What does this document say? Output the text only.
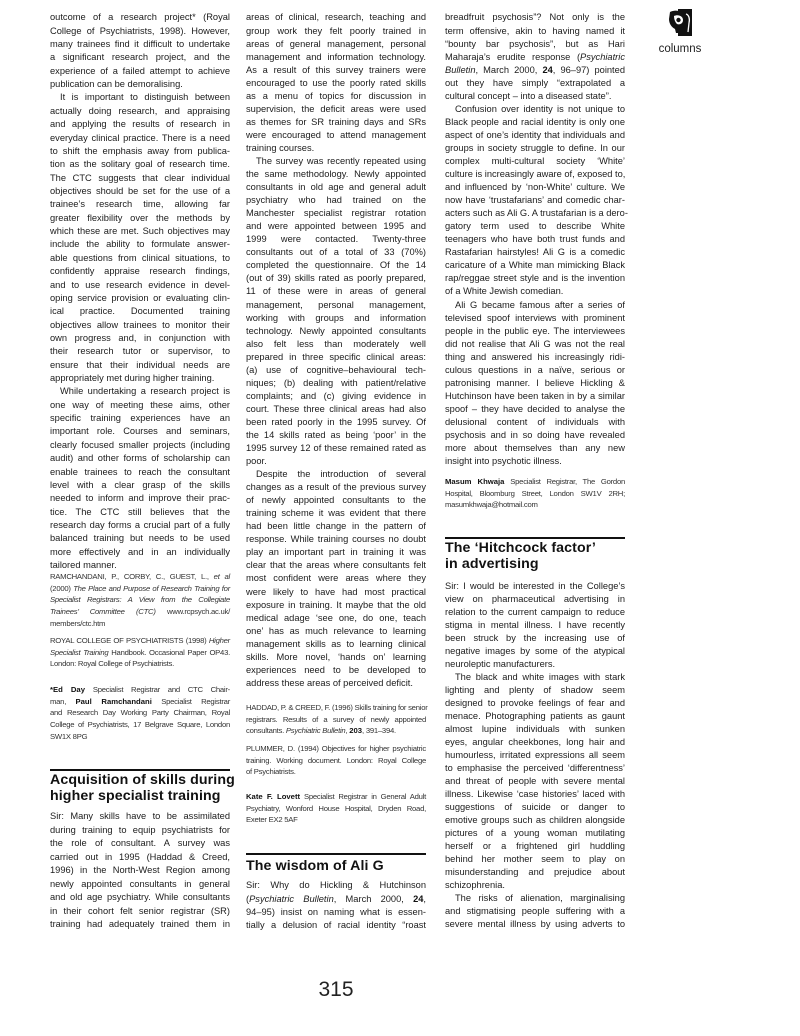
columns
outcome of a research project* (Royal
College of Psychiatrists, 1998). However,
many trainees find it difficult to undertake
a significant research project, and the
experience of a failed attempt to achieve
publication can be demoralising.
It is important to distinguish between
actually doing research, and appraising
and applying the results of research in
everyday clinical practice. There is a need
to shift the emphasis away from publica-
tion as the solitary goal of research time.
The CTC suggests that clear individual
objectives should be set for the use of a
trainee’s research time, allowing far
greater flexibility over the methods by
which these are met. Such objectives may
include the ability to formulate answer-
able questions from clinical situations, to
confidently appraise research findings,
and to use research evidence in devel-
oping service provision or evaluating clin-
ical practice. Documented training
objectives allow trainees to monitor their
own progress and, in conjunction with
their research tutor or supervisor, to
ensure that their individual needs are
appropriately met during higher training.
While undertaking a research project is
one way of meeting these aims, other
specific training experiences have an
important role. Courses and seminars,
clearly focused smaller projects (including
audit) and other forms of scholarship can
enable trainees to reach the consultant
level with a clear grasp of the skills
needed to inform and improve their prac-
tice. The CTC still believes that the
research day forms a crucial part of a fully
balanced training but needs to be used
more effectively and in an individually
tailored manner.
RAMCHANDANI, P., CORBY, C., GUEST, L., et al
(2000) The Place and Purpose of Research Training for
Specialist Registrars: A View from the Collegiate
Trainees’ Committee (CTC) www.rcpsych.ac.uk/
members/ctc.htm
ROYAL COLLEGE OF PSYCHIATRISTS (1998) Higher
Specialist Training Handbook. Occasional Paper OP43.
London: Royal College of Psychiatrists.
*Ed Day Specialist Registrar and CTC Chair-
man, Paul Ramchandani Specialist Registrar
and Research Day Working Party Chairman, Royal
College of Psychiatrists, 17 Belgrave Square, London
SW1X 8PG
Acquisition of skills during
higher specialist training
Sir: Many skills have to be assimilated
during training to equip psychiatrists for
the role of consultant. A survey was
carried out in 1995 (Haddad & Creed,
1996) in the North-West Region among
newly appointed consultants in general
and old age psychiatry. While consultants
in their cohort felt senior registrar (SR)
training had adequately trained them in
areas of clinical, research, teaching and
group work they felt poorly trained in
areas of general management, personal
management and information technology.
As a result of this survey trainers were
encouraged to use the poorly rated skills
as a menu of topics for discussion in
supervision, the deficit areas were used
as themes for SR training days and SRs
were encouraged to attend management
training courses.
The survey was recently repeated using
the same methodology. Newly appointed
consultants in old age and general adult
psychiatry who had trained on the
Manchester specialist registrar rotation
and were appointed between 1995 and
1999 were contacted. Twenty-three
consultants out of a total of 33 (70%)
completed the questionnaire. Of the 14
(out of 39) skills rated as poorly prepared,
11 of these were in areas of general
management, personal management,
working with groups and information
technology. Newly appointed consultants
also felt less than moderately well
prepared in three specific clinical areas:
(a) use of cognitive–behavioural tech-
niques; (b) dealing with patient/relative
complaints; and (c) giving evidence in
court. These three clinical areas had also
been rated poorly in the 1995 survey. Of
the 14 skills rated as being ‘poor’ in the
1995 survey 12 of these remained rated as
poor.
Despite the introduction of several
changes as a result of the previous survey
of newly appointed consultants to the
training scheme it was evident that there
had been little change in the pattern of
response. While training courses no doubt
play an important part in training it was
clear that the areas where consultants felt
most confident were areas where they
were likely to have had most practical
exposure in training. It maybe that the old
medical adage ‘see one, do one, teach
one’ has as much relevance to learning
management skills as to learning clinical
skills. More novel, ‘hands on’ learning
experiences need to be developed to
address these areas of perceived deficit.
HADDAD, P. & CREED, F. (1996) Skills training for senior
registrars. Results of a survey of newly appointed
consultants. Psychiatric Bulletin, 203, 391–394.
PLUMMER, D. (1994) Objectives for higher psychiatric
training. Working document. London: Royal College
of Psychiatrists.
Kate F. Lovett Specialist Registrar in General Adult
Psychiatry, Wonford House Hospital, Dryden Road,
Exeter EX2 5AF
The wisdom of Ali G
Sir: Why do Hickling & Hutchinson
(Psychiatric Bulletin, March 2000, 24,
94–95) insist on naming what is essen-
tially a delusion of racial identity “roast
breadfruit psychosis”? Not only is the
term offensive, akin to having named it
“bounty bar psychosis”, but as Hari
Maharaja’s erudite response (Psychiatric
Bulletin, March 2000, 24, 96–97) pointed
out they have simply “extrapolated a
cultural concept – into a diseased state”.
Confusion over identity is not unique to
Black people and racial identity is only one
aspect of one’s identity that individuals and
groups in society struggle to define. In our
complex multi-cultural society ‘White’
culture is increasingly aware of, exposed to,
and influenced by ‘non-White’ culture. We
now have ‘trustafarians’ and comedic char-
acters such as Ali G. A trustafarian is a dero-
gatory term used to describe White
teenagers who have both trust funds and
Rastafarian hairstyles! Ali G is a comedic
caricature of a White man mimicking Black
rap/reggae street style and is the invention
of a White Jewish comedian.
Ali G became famous after a series of
televised spoof interviews with prominent
people in the public eye. The interviewees
did not realise that Ali G was not the real
thing and answered his increasingly ridi-
culous questions in a naïve, serious or
patronising manner. I believe Hickling &
Hutchinson have been taken in by a similar
spoof – they have decided to analyse the
delusional content of individuals with
psychosis and in so doing have revealed
more about themselves than any new
insight into psychotic illness.
Masum Khwaja Specialist Registrar, The Gordon
Hospital, Bloomburg Street, London SW1V 2RH;
masumkhwaja@hotmail.com
The ‘Hitchcock factor’
in advertising
Sir: I would be interested in the College’s
view on pharmaceutical advertising in
relation to the current campaign to reduce
stigma in mental illness. I have recently
been struck by the increasing use of
negative images by some of the atypical
neuroleptic manufacturers.
The black and white images with stark
lighting and plenty of shadow seem
designed to provoke feelings of fear and
menace. Photographing patients as gaunt
almost lupine individuals with sunken
eyes, angular cheekbones, long hair and
humourless, irritated expressions all seem
to emphasise the perceived ‘differentness’
and threat of people with severe mental
illness. Likewise ‘case histories’ laced with
suggestions of suicide or danger to
emotive groups such as children alongside
pictures of a young woman mutilating
herself or a frightened girl huddling
behind her mother seem to play on
misunderstanding and prejudice about
schizophrenia.
The risks of alienation, marginalising
and stigmatising people suffering with a
severe mental illness by using adverts to
315
